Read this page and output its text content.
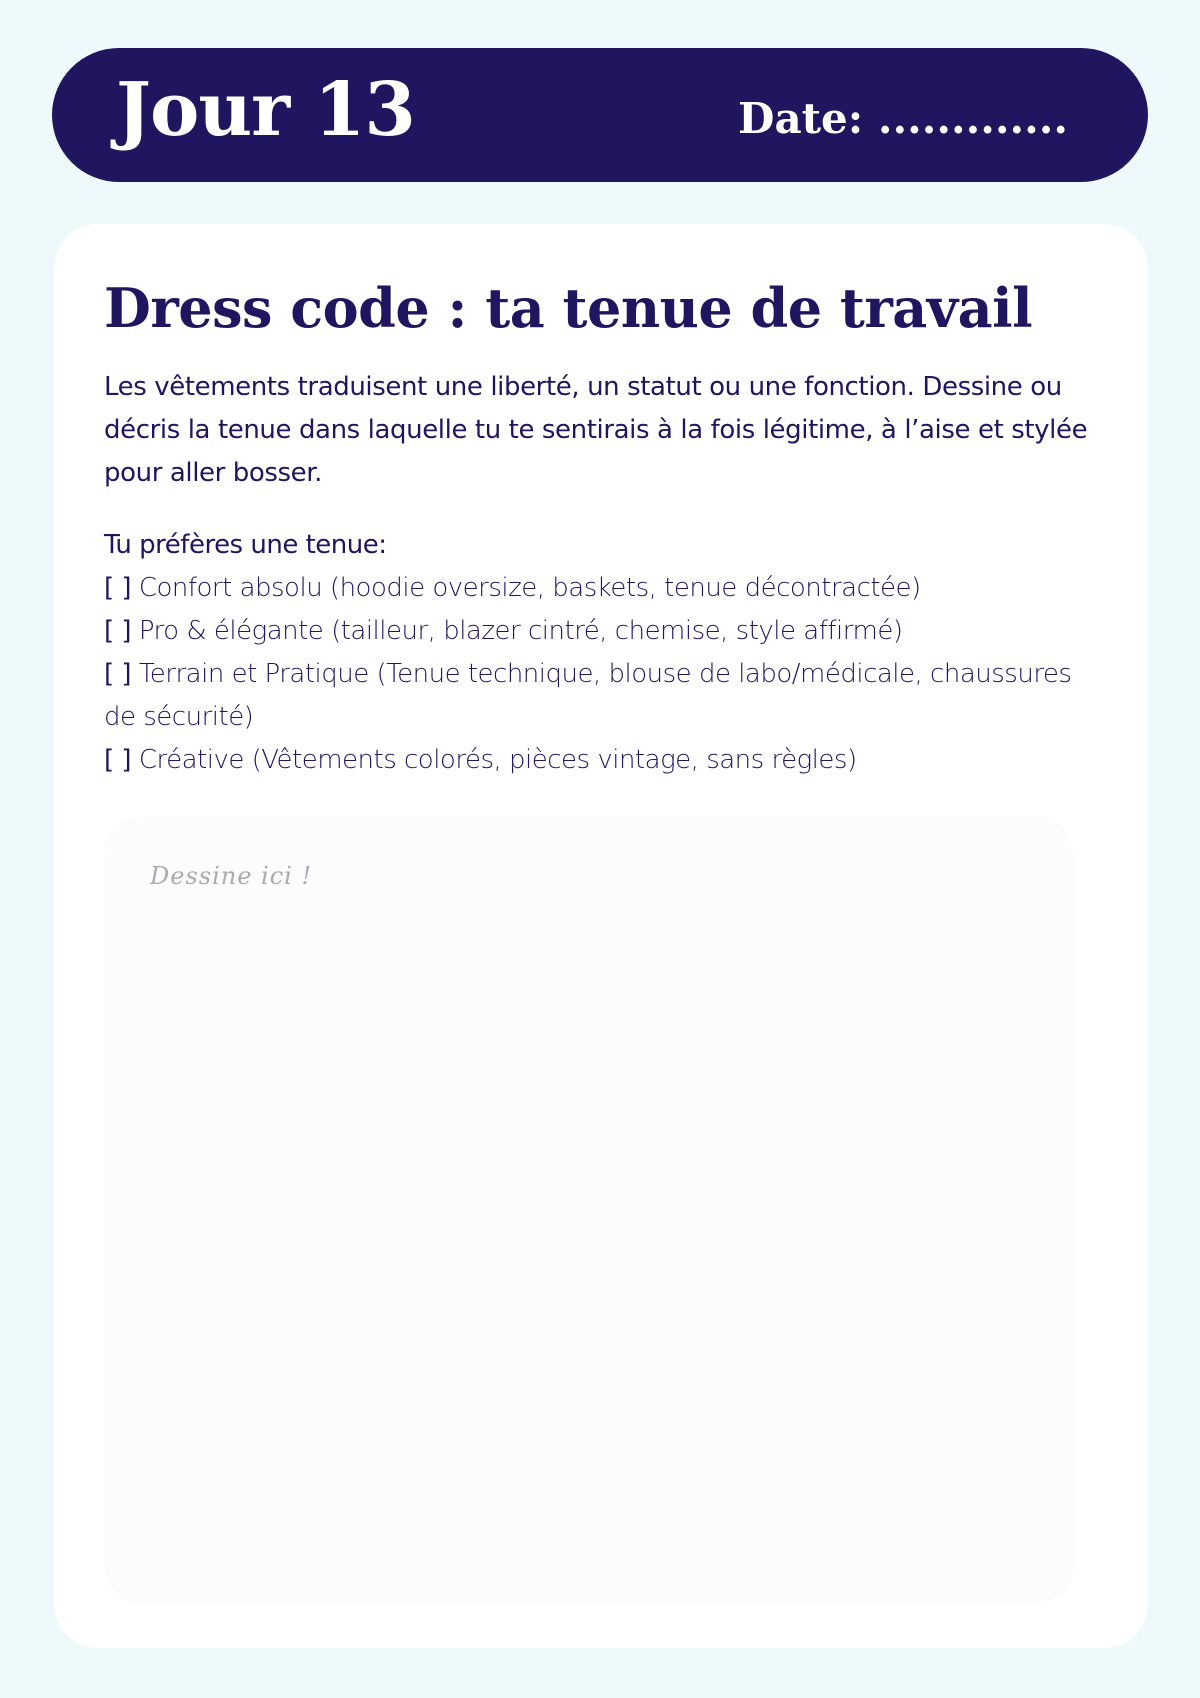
Jour 13	Date: .............

Dress code : ta tenue de travail

Les vêtements traduisent une liberté, un statut ou une fonction. Dessine ou décris la tenue dans laquelle tu te sentirais à la fois légitime, à l’aise et stylée pour aller bosser.

Tu préfères une tenue:

[ ] Confort absolu (hoodie oversize, baskets, tenue décontractée)

[ ] Pro & élégante (tailleur, blazer cintré, chemise, style affirmé)

[ ] Terrain et Pratique (Tenue technique, blouse de labo/médicale, chaussures de sécurité)

[ ] Créative (Vêtements colorés, pièces vintage, sans règles)

Dessine ici !
